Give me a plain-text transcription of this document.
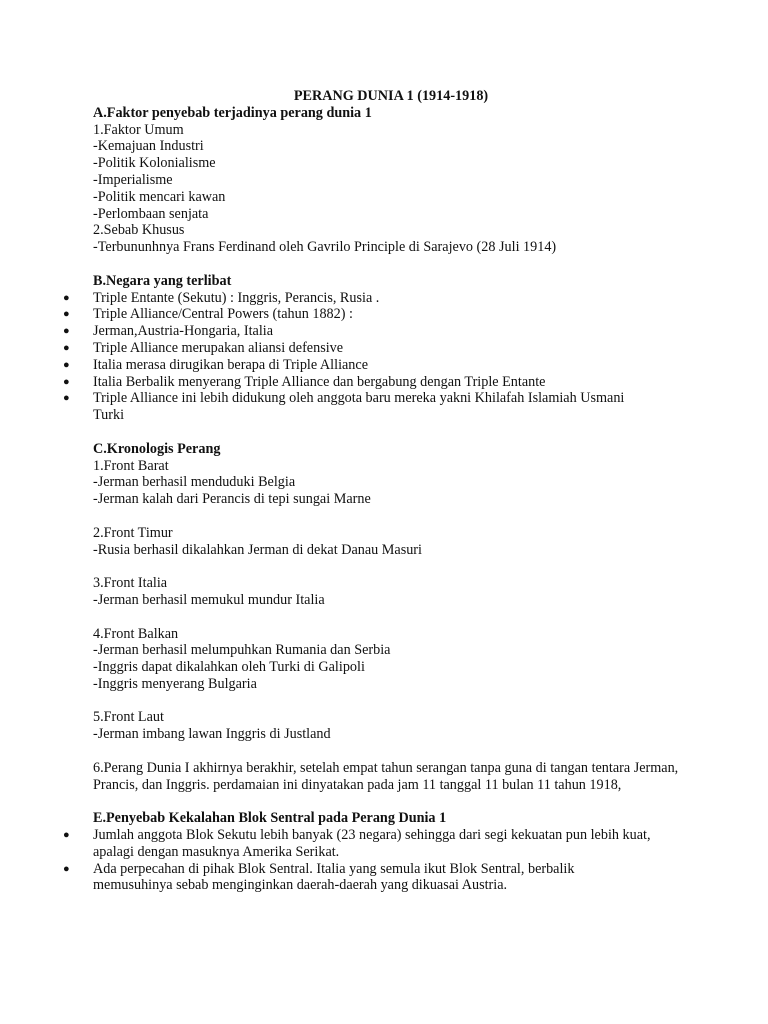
PERANG DUNIA 1 (1914-1918)
A.Faktor penyebab terjadinya perang dunia 1
1.Faktor Umum
-Kemajuan Industri
-Politik Kolonialisme
-Imperialisme
-Politik mencari kawan
-Perlombaan senjata
2.Sebab Khusus
-Terbununhnya Frans Ferdinand oleh Gavrilo Principle di Sarajevo (28 Juli 1914)
B.Negara yang terlibat
● Triple Entante (Sekutu) : Inggris, Perancis, Rusia .
● Triple Alliance/Central Powers (tahun 1882) :
● Jerman,Austria-Hongaria, Italia
● Triple Alliance merupakan aliansi defensive
● Italia merasa dirugikan berapa di Triple Alliance
● Italia Berbalik menyerang Triple Alliance dan bergabung dengan Triple Entante
● Triple Alliance ini lebih didukung oleh anggota baru mereka yakni Khilafah Islamiah Usmani Turki
C.Kronologis Perang
1.Front Barat
-Jerman berhasil menduduki Belgia
-Jerman kalah dari Perancis di tepi sungai Marne
2.Front Timur
-Rusia berhasil dikalahkan Jerman di dekat Danau Masuri
3.Front Italia
-Jerman berhasil memukul mundur Italia
4.Front Balkan
-Jerman berhasil melumpuhkan Rumania dan Serbia
-Inggris dapat dikalahkan oleh Turki di Galipoli
-Inggris menyerang Bulgaria
5.Front Laut
-Jerman imbang lawan Inggris di Justland
6.Perang Dunia I akhirnya berakhir, setelah empat tahun serangan tanpa guna di tangan tentara Jerman, Prancis, dan Inggris. perdamaian ini dinyatakan pada jam 11 tanggal 11 bulan 11 tahun 1918,
E.Penyebab Kekalahan Blok Sentral pada Perang Dunia 1
● Jumlah anggota Blok Sekutu lebih banyak (23 negara) sehingga dari segi kekuatan pun lebih kuat, apalagi dengan masuknya Amerika Serikat.
● Ada perpecahan di pihak Blok Sentral. Italia yang semula ikut Blok Sentral, berbalik memusuhinya sebab menginginkan daerah-daerah yang dikuasai Austria.
